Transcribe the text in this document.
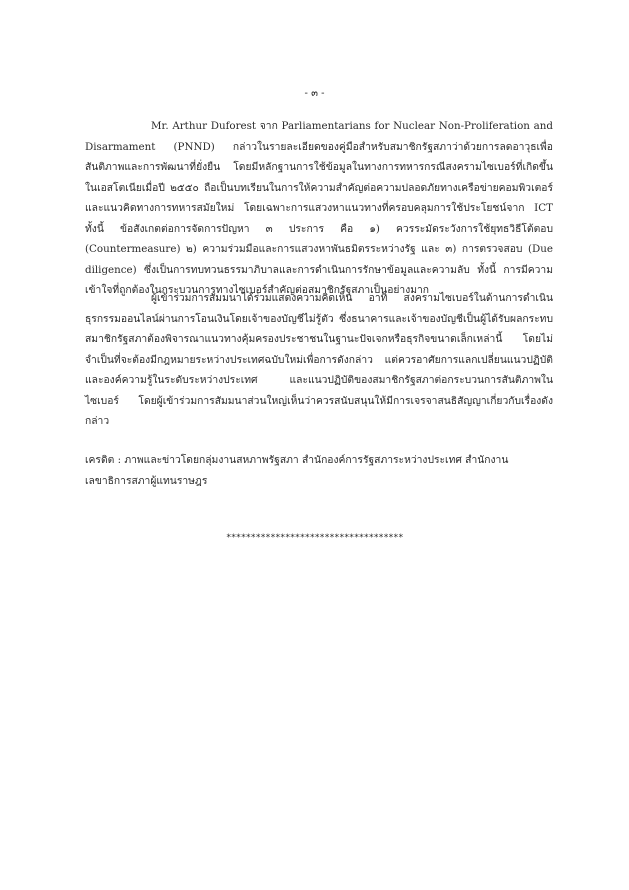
- ๓ -

Mr. Arthur Duforest จาก Parliamentarians for Nuclear Non-Proliferation and Disarmament (PNND) กล่าวในรายละเอียดของคู่มือสำหรับสมาชิกรัฐสภาว่าด้วยการลดอาวุธเพื่อสันติภาพและการพัฒนาที่ยั่งยืน โดยมีหลักฐานการใช้ข้อมูลในทางการทหารกรณีสงครามไซเบอร์ที่เกิดขึ้นในเอสโตเนียเมื่อปี ๒๕๕๐ ถือเป็นบทเรียนในการให้ความสำคัญต่อความปลอดภัยทางเครือข่ายคอมพิวเตอร์และแนวคิดทางการทหารสมัยใหม่ โดยเฉพาะการแสวงหาแนวทางที่ครอบคลุมการใช้ประโยชน์จาก ICT ทั้งนี้ ข้อสังเกตต่อการจัดการปัญหา ๓ ประการ คือ ๑) ควรระมัดระวังการใช้ยุทธวิธีโต้ตอบ (Countermeasure) ๒) ความร่วมมือและการแสวงหาพันธมิตรระหว่างรัฐ และ ๓) การตรวจสอบ (Due diligence) ซึ่งเป็นการทบทวนธรรมาภิบาลและการดำเนินการรักษาข้อมูลและความลับ ทั้งนี้ การมีความเข้าใจที่ถูกต้องในกระบวนการทางไซเบอร์สำคัญต่อสมาชิกรัฐสภาเป็นอย่างมาก

ผู้เข้าร่วมการสัมมนาได้ร่วมแสดงความคิดเห็น อาทิ สงครามไซเบอร์ในด้านการดำเนินธุรกรรมออนไลน์ผ่านการโอนเงินโดยเจ้าของบัญชีไม่รู้ตัว ซึ่งธนาคารและเจ้าของบัญชีเป็นผู้ได้รับผลกระทบสมาชิกรัฐสภาต้องพิจารณาแนวทางคุ้มครองประชาชนในฐานะปัจเจกหรือธุรกิจขนาดเล็กเหล่านี้ โดยไม่จำเป็นที่จะต้องมีกฎหมายระหว่างประเทศฉบับใหม่เพื่อการดังกล่าว แต่ควรอาศัยการแลกเปลี่ยนแนวปฏิบัติและองค์ความรู้ในระดับระหว่างประเทศ และแนวปฏิบัติของสมาชิกรัฐสภาต่อกระบวนการสันติภาพในไซเบอร์ โดยผู้เข้าร่วมการสัมมนาส่วนใหญ่เห็นว่าควรสนับสนุนให้มีการเจรจาสนธิสัญญาเกี่ยวกับเรื่องดังกล่าว

เครดิต : ภาพและข่าวโดยกลุ่มงานสหภาพรัฐสภา สำนักองค์การรัฐสภาระหว่างประเทศ สำนักงานเลขาธิการสภาผู้แทนราษฎร
************************************
